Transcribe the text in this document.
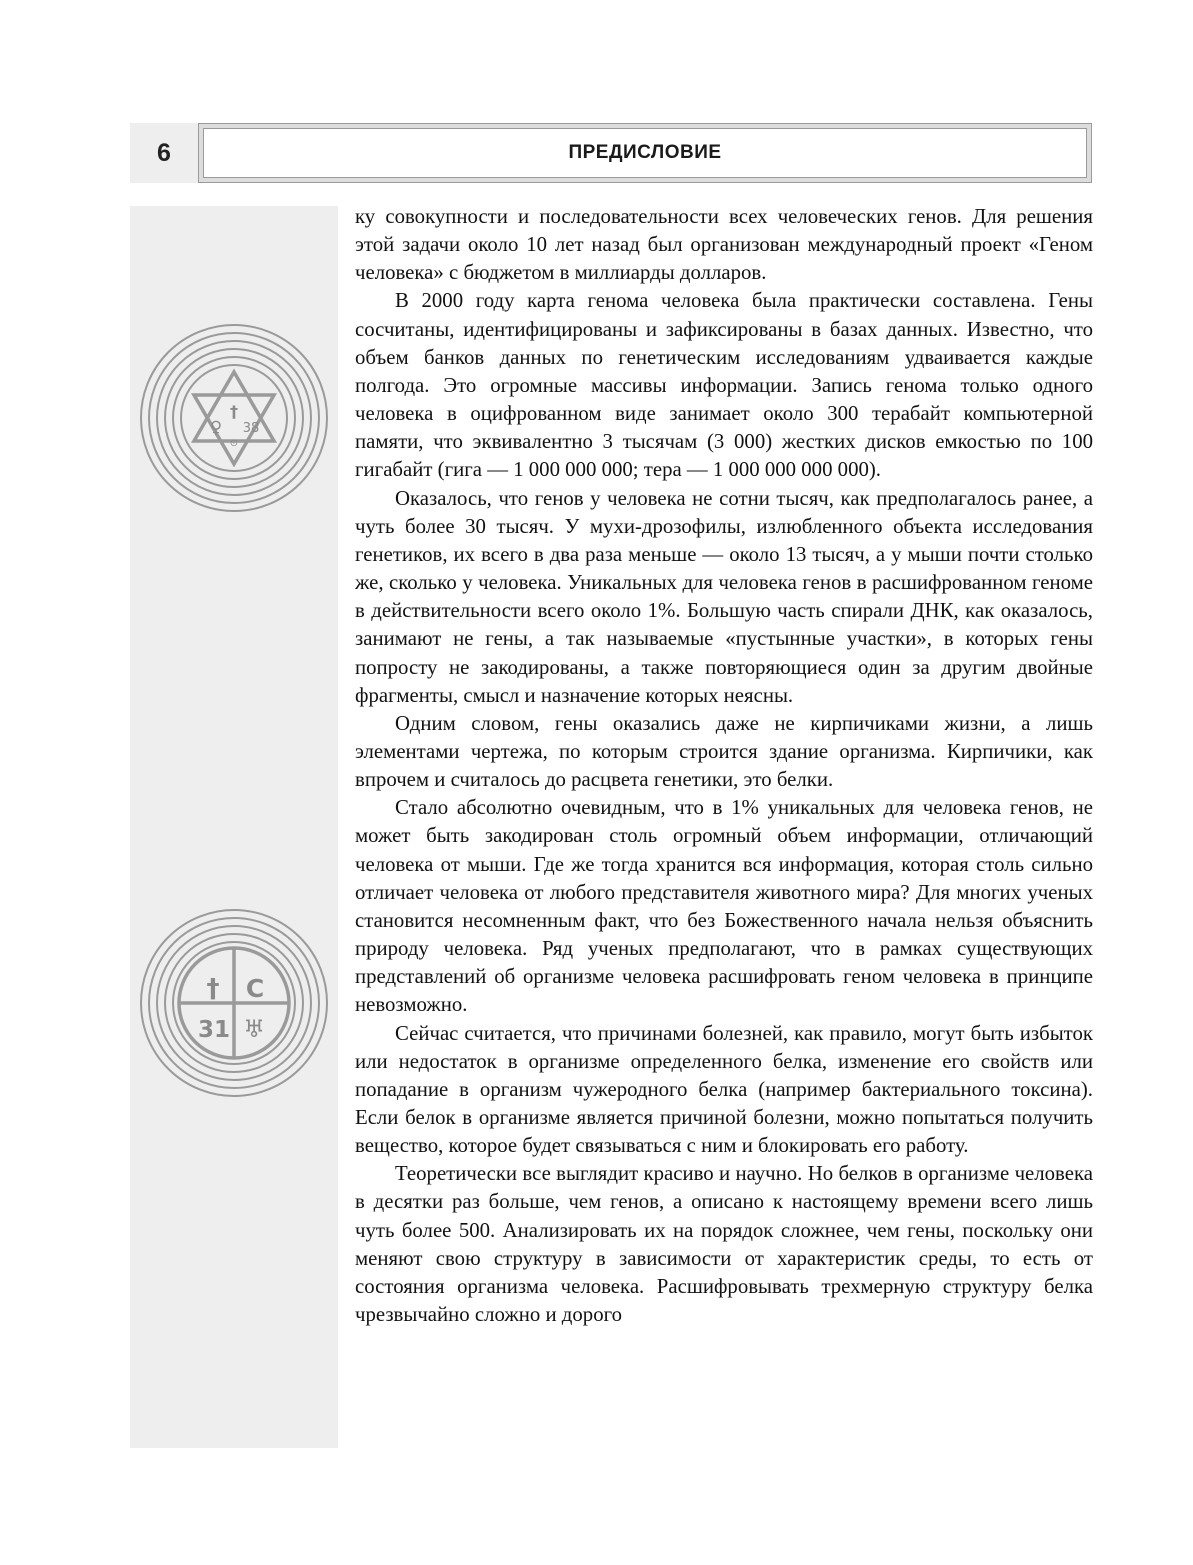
6	ПРЕДИСЛОВИЕ
†
♀
⊙
38
† С
31 ♅

ку совокупности и последовательности всех человеческих генов. Для решения этой задачи около 10 лет назад был организован международный проект «Геном человека» с бюджетом в миллиарды долларов.

В 2000 году карта генома человека была практически составлена. Гены сосчитаны, идентифицированы и зафиксированы в базах данных. Известно, что объем банков данных по генетическим исследованиям удваивается каждые полгода. Это огромные массивы информации. Запись генома только одного человека в оцифрованном виде занимает около 300 терабайт компьютерной памяти, что эквивалентно 3 тысячам (3 000) жестких дисков емкостью по 100 гигабайт (гига — 1 000 000 000; тера — 1 000 000 000 000).

Оказалось, что генов у человека не сотни тысяч, как предполагалось ранее, а чуть более 30 тысяч. У мухи-дрозофилы, излюбленного объекта исследования генетиков, их всего в два раза меньше — около 13 тысяч, а у мыши почти столько же, сколько у человека. Уникальных для человека генов в расшифрованном геноме в действительности всего около 1%. Большую часть спирали ДНК, как оказалось, занимают не гены, а так называемые «пустынные участки», в которых гены попросту не закодированы, а также повторяющиеся один за другим двойные фрагменты, смысл и назначение которых неясны.

Одним словом, гены оказались даже не кирпичиками жизни, а лишь элементами чертежа, по которым строится здание организма. Кирпичики, как впрочем и считалось до расцвета генетики, это белки.

Стало абсолютно очевидным, что в 1% уникальных для человека генов, не может быть закодирован столь огромный объем информации, отличающий человека от мыши. Где же тогда хранится вся информация, которая столь сильно отличает человека от любого представителя животного мира? Для многих ученых становится несомненным факт, что без Божественного начала нельзя объяснить природу человека. Ряд ученых предполагают, что в рамках существующих представлений об организме человека расшифровать геном человека в принципе невозможно.

Сейчас считается, что причинами болезней, как правило, могут быть избыток или недостаток в организме определенного белка, изменение его свойств или попадание в организм чужеродного белка (например бактериального токсина). Если белок в организме является причиной болезни, можно попытаться получить вещество, которое будет связываться с ним и блокировать его работу.

Теоретически все выглядит красиво и научно. Но белков в организме человека в десятки раз больше, чем генов, а описано к настоящему времени всего лишь чуть более 500. Анализировать их на порядок сложнее, чем гены, поскольку они меняют свою структуру в зависимости от характеристик среды, то есть от состояния организма человека. Расшифровывать трехмерную структуру белка чрезвычайно сложно и дорого
